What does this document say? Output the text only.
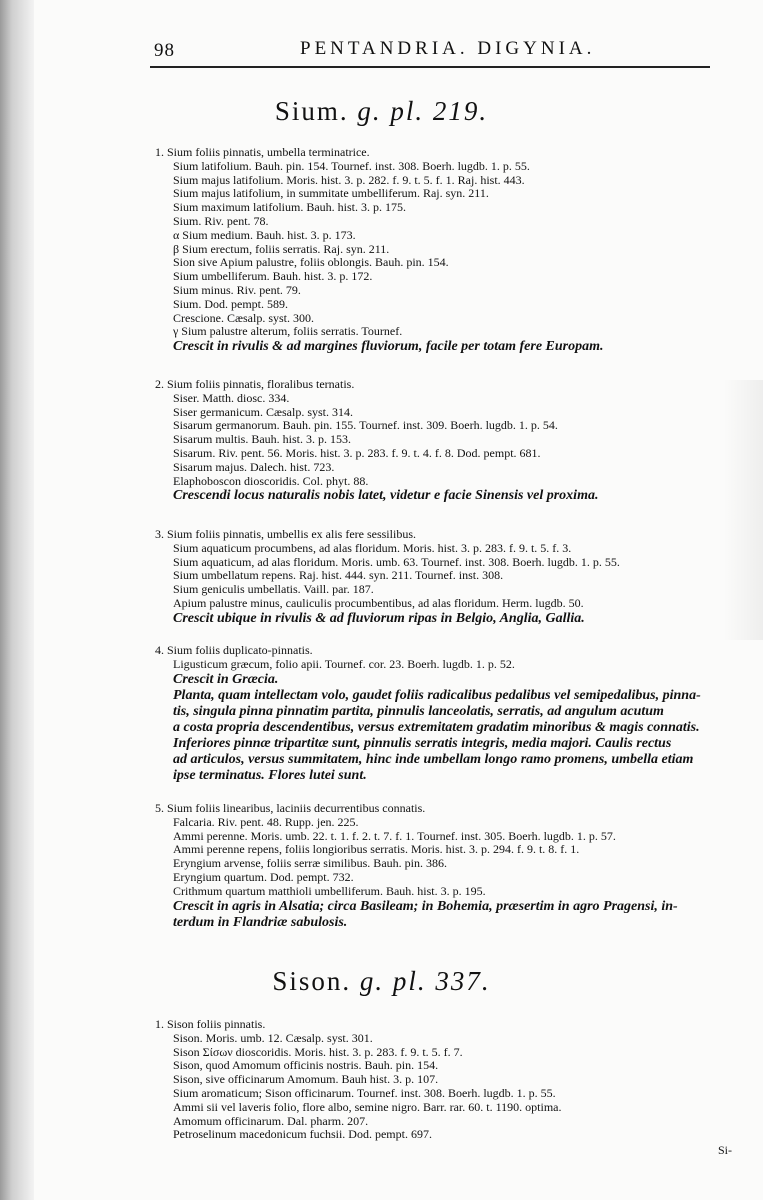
98	PENTANDRIA. DIGYNIA.
Sium. g. pl. 219.
1. Sium foliis pinnatis, umbella terminatrice.
Sium latifolium. Bauh. pin. 154. Tournef. inst. 308. Boerh. lugdb. 1. p. 55.
Sium majus latifolium. Moris. hist. 3. p. 282. f. 9. t. 5. f. 1. Raj. hist. 443.
Sium majus latifolium, in summitate umbelliferum. Raj. syn. 211.
Sium maximum latifolium. Bauh. hist. 3. p. 175.
Sium. Riv. pent. 78.
α Sium medium. Bauh. hist. 3. p. 173.
β Sium erectum, foliis serratis. Raj. syn. 211.
Sion sive Apium palustre, foliis oblongis. Bauh. pin. 154.
Sium umbelliferum. Bauh. hist. 3. p. 172.
Sium minus. Riv. pent. 79.
Sium. Dod. pempt. 589.
Crescione. Cæsalp. syst. 300.
γ Sium palustre alterum, foliis serratis. Tournef.
Crescit in rivulis & ad margines fluviorum, facile per totam fere Europam.
2. Sium foliis pinnatis, floralibus ternatis.
Siser. Matth. diosc. 334.
Siser germanicum. Cæsalp. syst. 314.
Sisarum germanorum. Bauh. pin. 155. Tournef. inst. 309. Boerh. lugdb. 1. p. 54.
Sisarum multis. Bauh. hist. 3. p. 153.
Sisarum. Riv. pent. 56. Moris. hist. 3. p. 283. f. 9. t. 4. f. 8. Dod. pempt. 681.
Sisarum majus. Dalech. hist. 723.
Elaphoboscon dioscoridis. Col. phyt. 88.
Crescendi locus naturalis nobis latet, videtur e facie Sinensis vel proxima.
3. Sium foliis pinnatis, umbellis ex alis fere sessilibus.
Sium aquaticum procumbens, ad alas floridum. Moris. hist. 3. p. 283. f. 9. t. 5. f. 3.
Sium aquaticum, ad alas floridum. Moris. umb. 63. Tournef. inst. 308. Boerh. lugdb. 1. p. 55.
Sium umbellatum repens. Raj. hist. 444. syn. 211. Tournef. inst. 308.
Sium geniculis umbellatis. Vaill. par. 187.
Apium palustre minus, cauliculis procumbentibus, ad alas floridum. Herm. lugdb. 50.
Crescit ubique in rivulis & ad fluviorum ripas in Belgio, Anglia, Gallia.
4. Sium foliis duplicato-pinnatis.
Ligusticum græcum, folio apii. Tournef. cor. 23. Boerh. lugdb. 1. p. 52.
Crescit in Græcia.
Planta, quam intellectam volo, gaudet foliis radicalibus pedalibus vel semipedalibus, pinna-
tis, singula pinna pinnatim partita, pinnulis lanceolatis, serratis, ad angulum acutum
a costa propria descendentibus, versus extremitatem gradatim minoribus & magis connatis.
Inferiores pinnæ tripartitæ sunt, pinnulis serratis integris, media majori. Caulis rectus
ad articulos, versus summitatem, hinc inde umbellam longo ramo promens, umbella etiam
ipse terminatus. Flores lutei sunt.
5. Sium foliis linearibus, laciniis decurrentibus connatis.
Falcaria. Riv. pent. 48. Rupp. jen. 225.
Ammi perenne. Moris. umb. 22. t. 1. f. 2. t. 7. f. 1. Tournef. inst. 305. Boerh. lugdb. 1. p. 57.
Ammi perenne repens, foliis longioribus serratis. Moris. hist. 3. p. 294. f. 9. t. 8. f. 1.
Eryngium arvense, foliis serræ similibus. Bauh. pin. 386.
Eryngium quartum. Dod. pempt. 732.
Crithmum quartum matthioli umbelliferum. Bauh. hist. 3. p. 195.
Crescit in agris in Alsatia; circa Basileam; in Bohemia, præsertim in agro Pragensi, in-
terdum in Flandriæ sabulosis.
Sison. g. pl. 337.
1. Sison foliis pinnatis.
Sison. Moris. umb. 12. Cæsalp. syst. 301.
Sison Σίσων dioscoridis. Moris. hist. 3. p. 283. f. 9. t. 5. f. 7.
Sison, quod Amomum officinis nostris. Bauh. pin. 154.
Sison, sive officinarum Amomum. Bauh hist. 3. p. 107.
Sium aromaticum; Sison officinarum. Tournef. inst. 308. Boerh. lugdb. 1. p. 55.
Ammi sii vel laveris folio, flore albo, semine nigro. Barr. rar. 60. t. 1190. optima.
Amomum officinarum. Dal. pharm. 207.
Petroselinum macedonicum fuchsii. Dod. pempt. 697.
Si-
